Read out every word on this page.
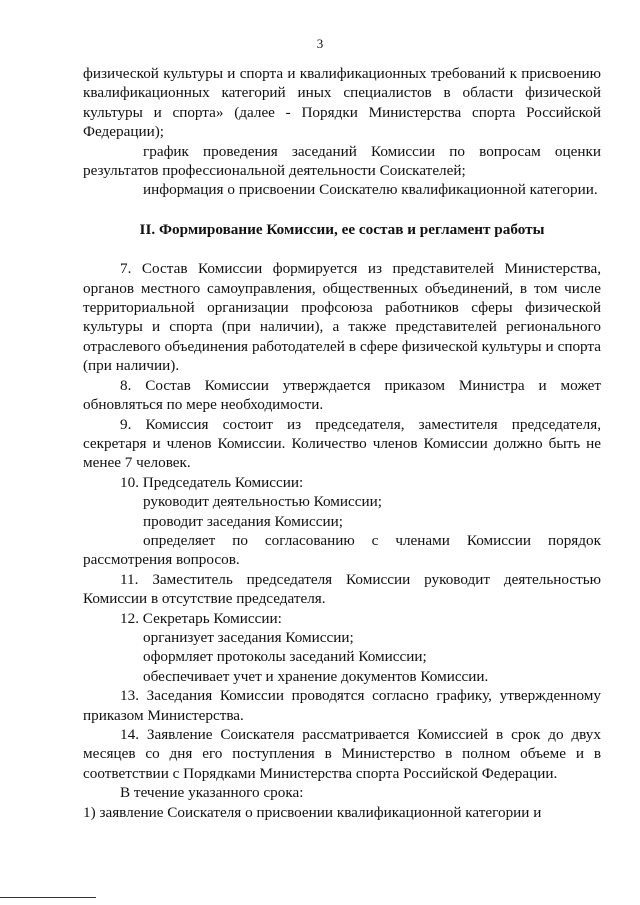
3

физической культуры и спорта и квалификационных требований к присвоению квалификационных категорий иных специалистов в области физической культуры и спорта» (далее - Порядки Министерства спорта Российской Федерации);

график проведения заседаний Комиссии по вопросам оценки результатов профессиональной деятельности Соискателей;

информация о присвоении Соискателю квалификационной категории.

II. Формирование Комиссии, ее состав и регламент работы

7. Состав Комиссии формируется из представителей Министерства, органов местного самоуправления, общественных объединений, в том числе территориальной организации профсоюза работников сферы физической культуры и спорта (при наличии), а также представителей регионального отраслевого объединения работодателей в сфере физической культуры и спорта (при наличии).

8. Состав Комиссии утверждается приказом Министра и может обновляться по мере необходимости.

9. Комиссия состоит из председателя, заместителя председателя, секретаря и членов Комиссии. Количество членов Комиссии должно быть не менее 7 человек.

10. Председатель Комиссии:

руководит деятельностью Комиссии;

проводит заседания Комиссии;

определяет по согласованию с членами Комиссии порядок рассмотрения вопросов.

11. Заместитель председателя Комиссии руководит деятельностью Комиссии в отсутствие председателя.

12. Секретарь Комиссии:

организует заседания Комиссии;

оформляет протоколы заседаний Комиссии;

обеспечивает учет и хранение документов Комиссии.

13. Заседания Комиссии проводятся согласно графику, утвержденному приказом Министерства.

14. Заявление Соискателя рассматривается Комиссией в срок до двух месяцев со дня его поступления в Министерство в полном объеме и в соответствии с Порядками Министерства спорта Российской Федерации.

В течение указанного срока:

1) заявление Соискателя о присвоении квалификационной категории и
